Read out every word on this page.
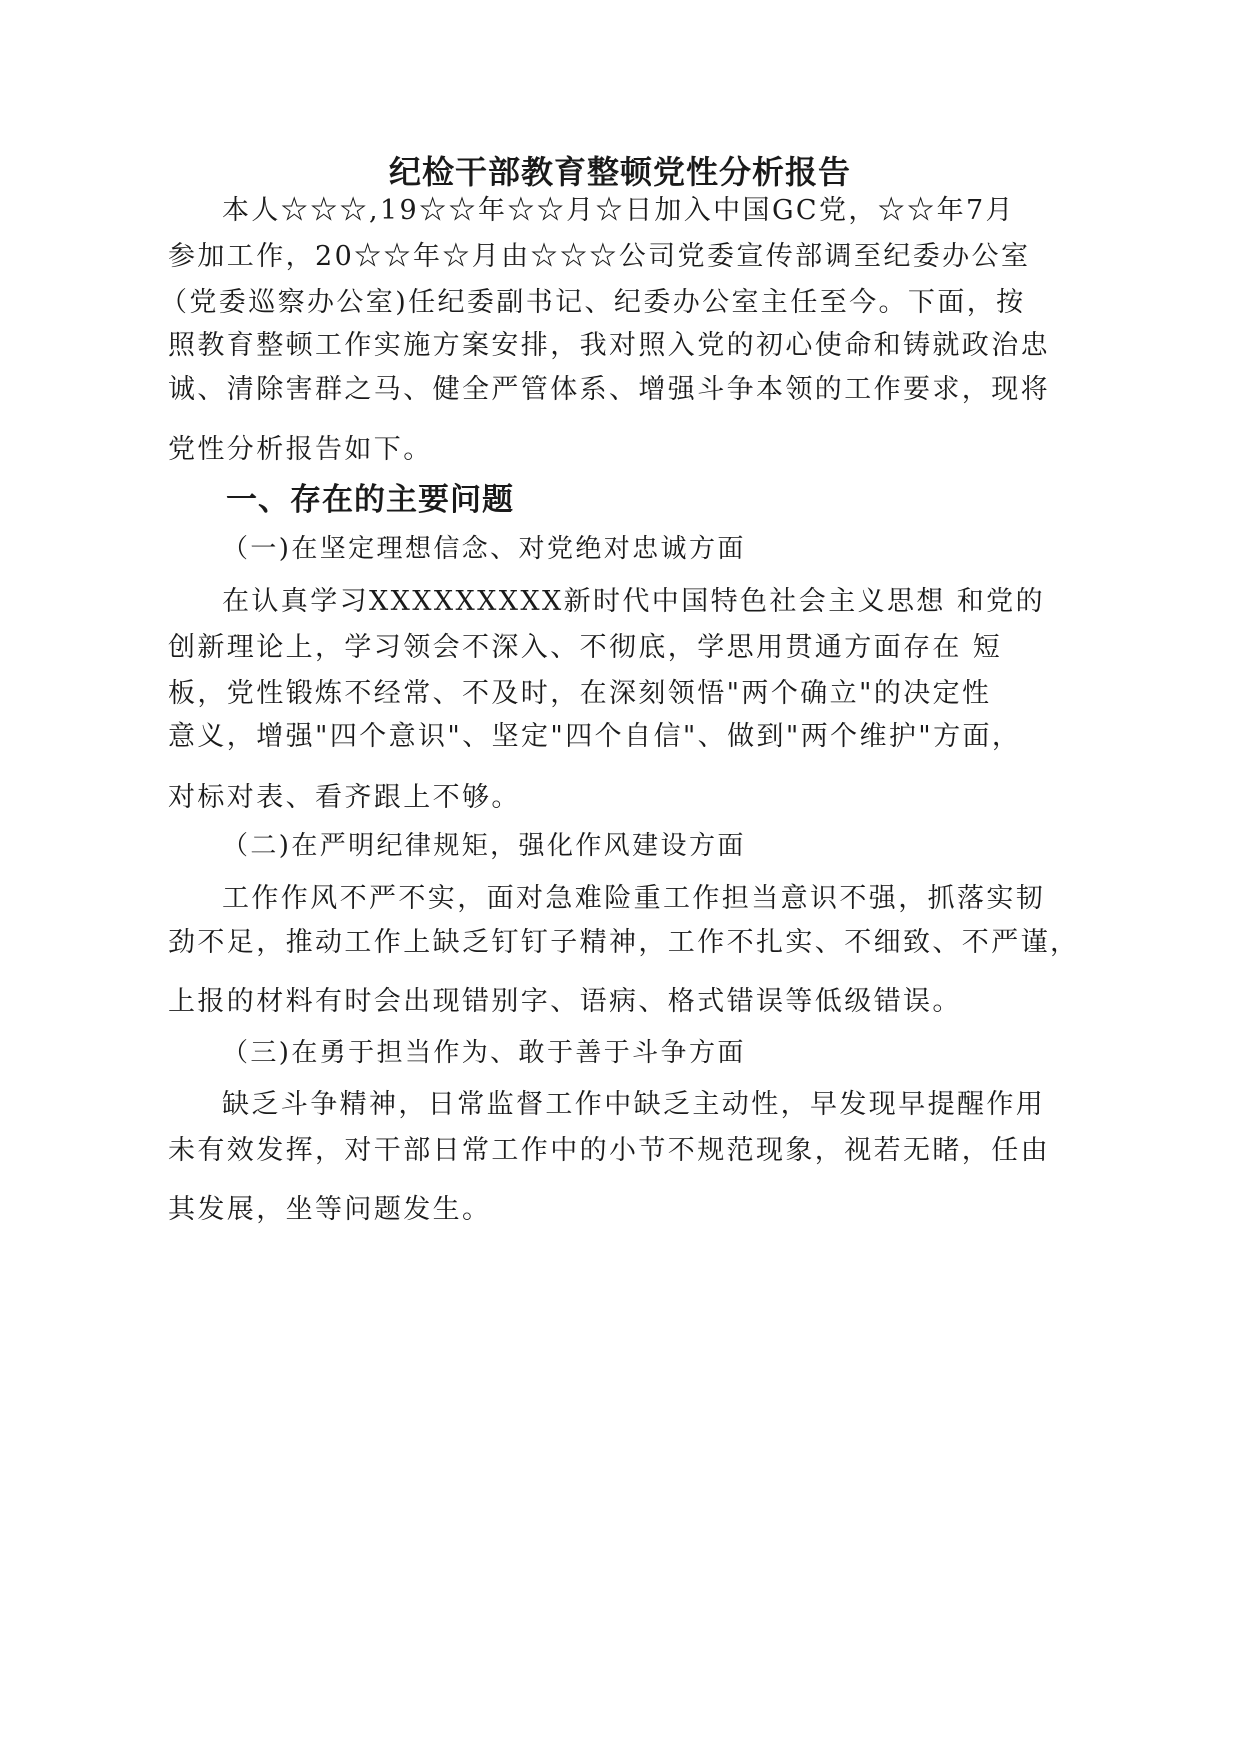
纪检干部教育整顿党性分析报告

本人☆☆☆,19☆☆年☆☆月☆日加入中国GC党，☆☆年7月

参加工作，20☆☆年☆月由☆☆☆公司党委宣传部调至纪委办公室

（党委巡察办公室)任纪委副书记、纪委办公室主任至今。下面，按

照教育整顿工作实施方案安排，我对照入党的初心使命和铸就政治忠

诚、清除害群之马、健全严管体系、增强斗争本领的工作要求，现将

党性分析报告如下。

一、存在的主要问题

（一)在坚定理想信念、对党绝对忠诚方面

在认真学习XXXXXXXXX新时代中国特色社会主义思想 和党的

创新理论上，学习领会不深入、不彻底，学思用贯通方面存在 短

板，党性锻炼不经常、不及时，在深刻领悟"两个确立"的决定性

意义，增强"四个意识"、坚定"四个自信"、做到"两个维护"方面，

对标对表、看齐跟上不够。

（二)在严明纪律规矩，强化作风建设方面

工作作风不严不实，面对急难险重工作担当意识不强，抓落实韧

劲不足，推动工作上缺乏钉钉子精神，工作不扎实、不细致、不严谨，

上报的材料有时会出现错别字、语病、格式错误等低级错误。

（三)在勇于担当作为、敢于善于斗争方面

缺乏斗争精神，日常监督工作中缺乏主动性，早发现早提醒作用

未有效发挥，对干部日常工作中的小节不规范现象，视若无睹，任由

其发展，坐等问题发生。
